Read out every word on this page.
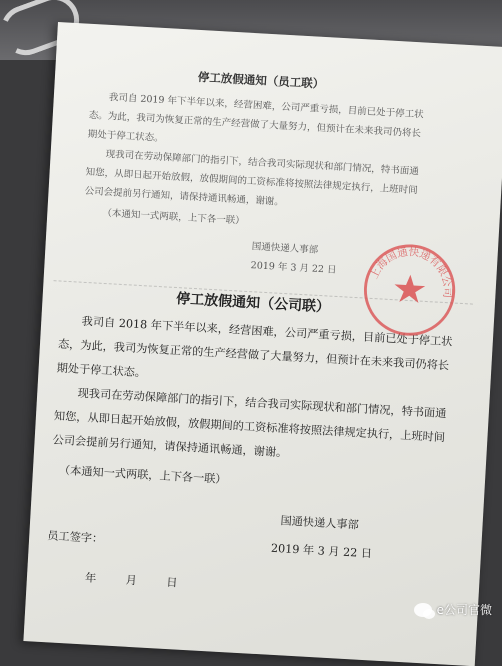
停工放假通知（员工联）

我司自 2019 年下半年以来，经营困难，公司严重亏损，目前已处于停工状态。为此，我司为恢复正常的生产经营做了大量努力，但预计在未来我司仍将长期处于停工状态。

现我司在劳动保障部门的指引下，结合我司实际现状和部门情况，特书面通知您，从即日起开始放假，放假期间的工资标准将按照法律规定执行，上班时间公司会提前另行通知，请保持通讯畅通，谢谢。

（本通知一式两联，上下各一联）
国通快递人事部
2019 年 3 月 22 日
停工放假通知（公司联）

我司自 2018 年下半年以来，经营困难，公司严重亏损，目前已处于停工状态，为此，我司为恢复正常的生产经营做了大量努力，但预计在未来我司仍将长期处于停工状态。

现我司在劳动保障部门的指引下，结合我司实际现状和部门情况，特书面通知您，从即日起开始放假，放假期间的工资标准将按照法律规定执行，上班时间公司会提前另行通知，请保持通讯畅通，谢谢。

（本通知一式两联，上下各一联）
国通快递人事部
员工签字：
2019 年 3 月 22 日
年 月 日
上海国通快递有限公司
e公司官微
